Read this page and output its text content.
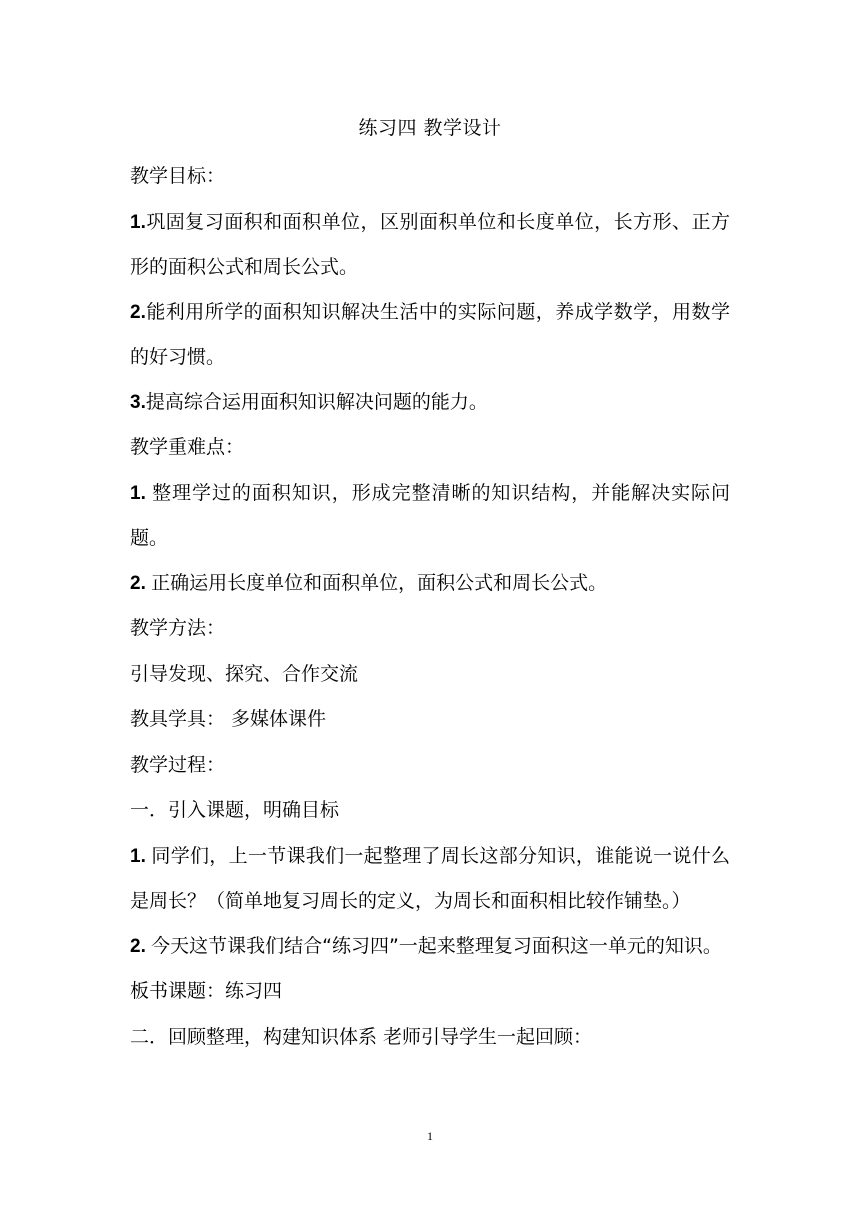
练习四 教学设计

教学目标：

1.巩固复习面积和面积单位，区别面积单位和长度单位，长方形、正方形的面积公式和周长公式。

2.能利用所学的面积知识解决生活中的实际问题，养成学数学，用数学的好习惯。

3.提高综合运用面积知识解决问题的能力。

教学重难点：

1. 整理学过的面积知识，形成完整清晰的知识结构，并能解决实际问题。

2. 正确运用长度单位和面积单位，面积公式和周长公式。

教学方法：

引导发现、探究、合作交流

教具学具： 多媒体课件

教学过程：

一．引入课题，明确目标

1. 同学们，上一节课我们一起整理了周长这部分知识，谁能说一说什么是周长？（简单地复习周长的定义，为周长和面积相比较作铺垫。）

2. 今天这节课我们结合“练习四”一起来整理复习面积这一单元的知识。

板书课题：练习四

二．回顾整理，构建知识体系 老师引导学生一起回顾：

1
